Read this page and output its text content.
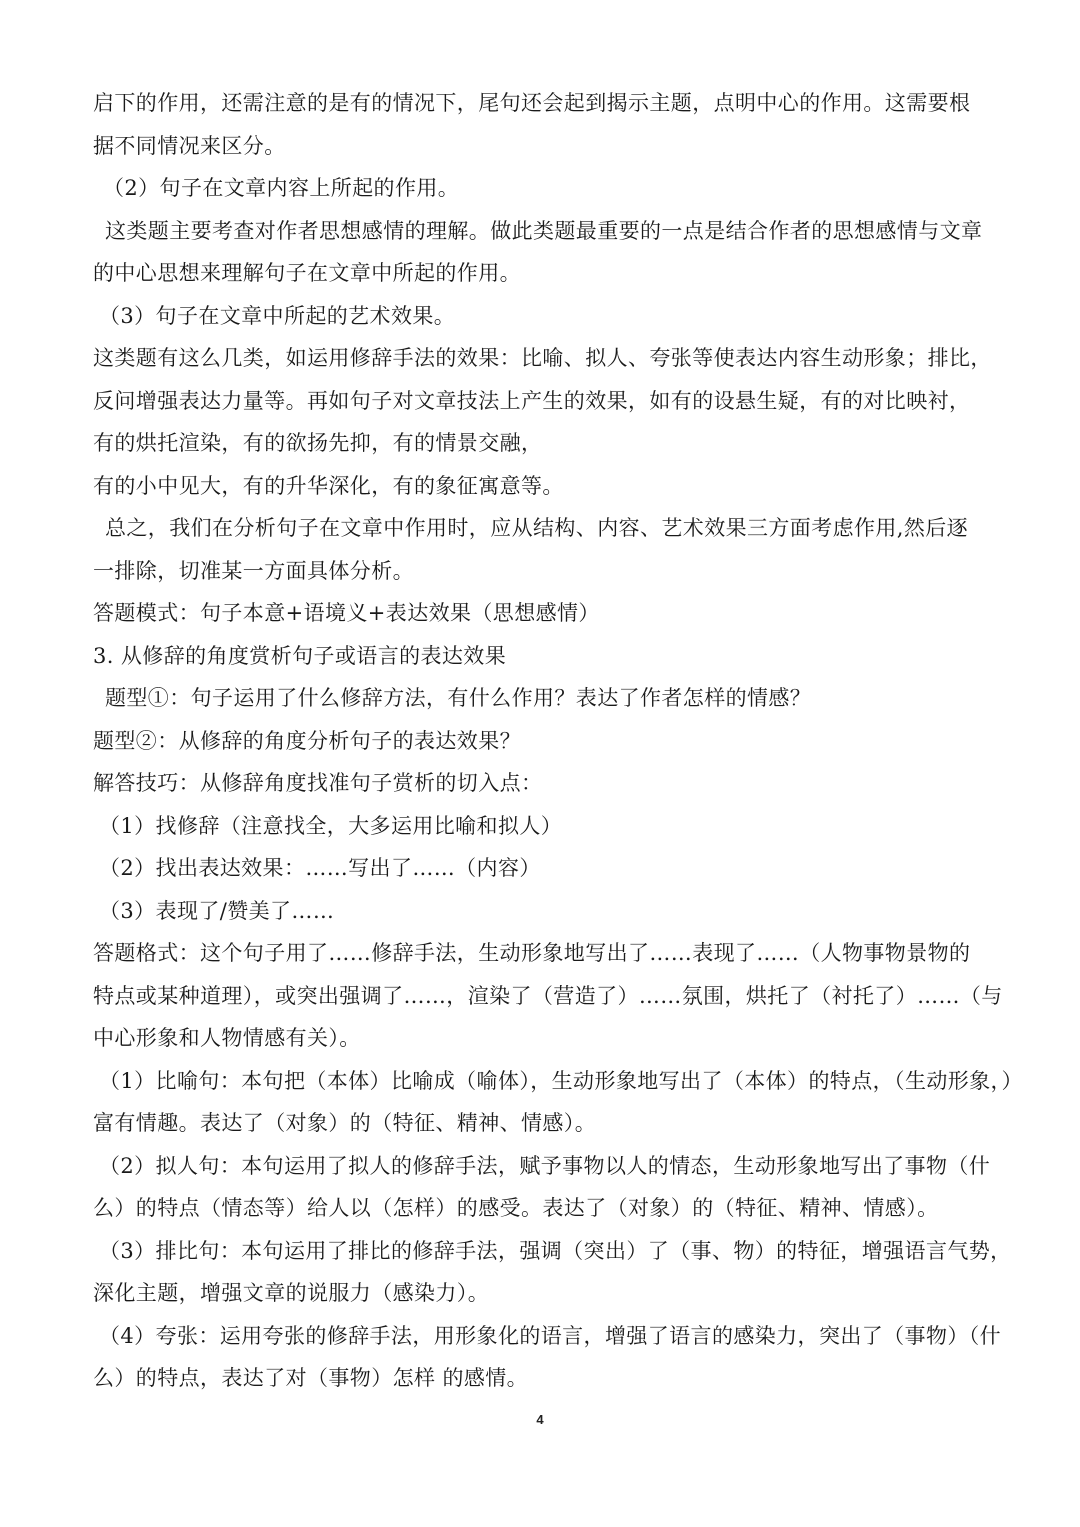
启下的作用，还需注意的是有的情况下，尾句还会起到揭示主题，点明中心的作用。这需要根
据不同情况来区分。
（2）句子在文章内容上所起的作用。
这类题主要考查对作者思想感情的理解。做此类题最重要的一点是结合作者的思想感情与文章
的中心思想来理解句子在文章中所起的作用。
（3）句子在文章中所起的艺术效果。
这类题有这么几类，如运用修辞手法的效果：比喻、拟人、夸张等使表达内容生动形象；排比，
反问增强表达力量等。再如句子对文章技法上产生的效果，如有的设悬生疑，有的对比映衬，
有的烘托渲染，有的欲扬先抑，有的情景交融，
有的小中见大，有的升华深化，有的象征寓意等。
总之，我们在分析句子在文章中作用时，应从结构、内容、艺术效果三方面考虑作用,然后逐
一排除，切准某一方面具体分析。
答题模式：句子本意+语境义+表达效果（思想感情）
3. 从修辞的角度赏析句子或语言的表达效果
题型①：句子运用了什么修辞方法，有什么作用？表达了作者怎样的情感？
题型②：从修辞的角度分析句子的表达效果？
解答技巧：从修辞角度找准句子赏析的切入点：
（1）找修辞（注意找全，大多运用比喻和拟人）
（2）找出表达效果：……写出了……（内容）
（3）表现了/赞美了……
答题格式：这个句子用了……修辞手法，生动形象地写出了……表现了……（人物事物景物的
特点或某种道理），或突出强调了……，渲染了（营造了）……氛围，烘托了（衬托了）……（与
中心形象和人物情感有关）。
（1）比喻句：本句把（本体）比喻成（喻体），生动形象地写出了（本体）的特点，（生动形象，）
富有情趣。表达了（对象）的（特征、精神、情感）。
（2）拟人句：本句运用了拟人的修辞手法，赋予事物以人的情态，生动形象地写出了事物（什
么）的特点（情态等）给人以（怎样）的感受。表达了（对象）的（特征、精神、情感）。
（3）排比句：本句运用了排比的修辞手法，强调（突出）了（事、物）的特征，增强语言气势，
深化主题，增强文章的说服力（感染力）。
（4）夸张：运用夸张的修辞手法，用形象化的语言，增强了语言的感染力，突出了（事物）（什
么）的特点，表达了对（事物）怎样 的感情。
4
